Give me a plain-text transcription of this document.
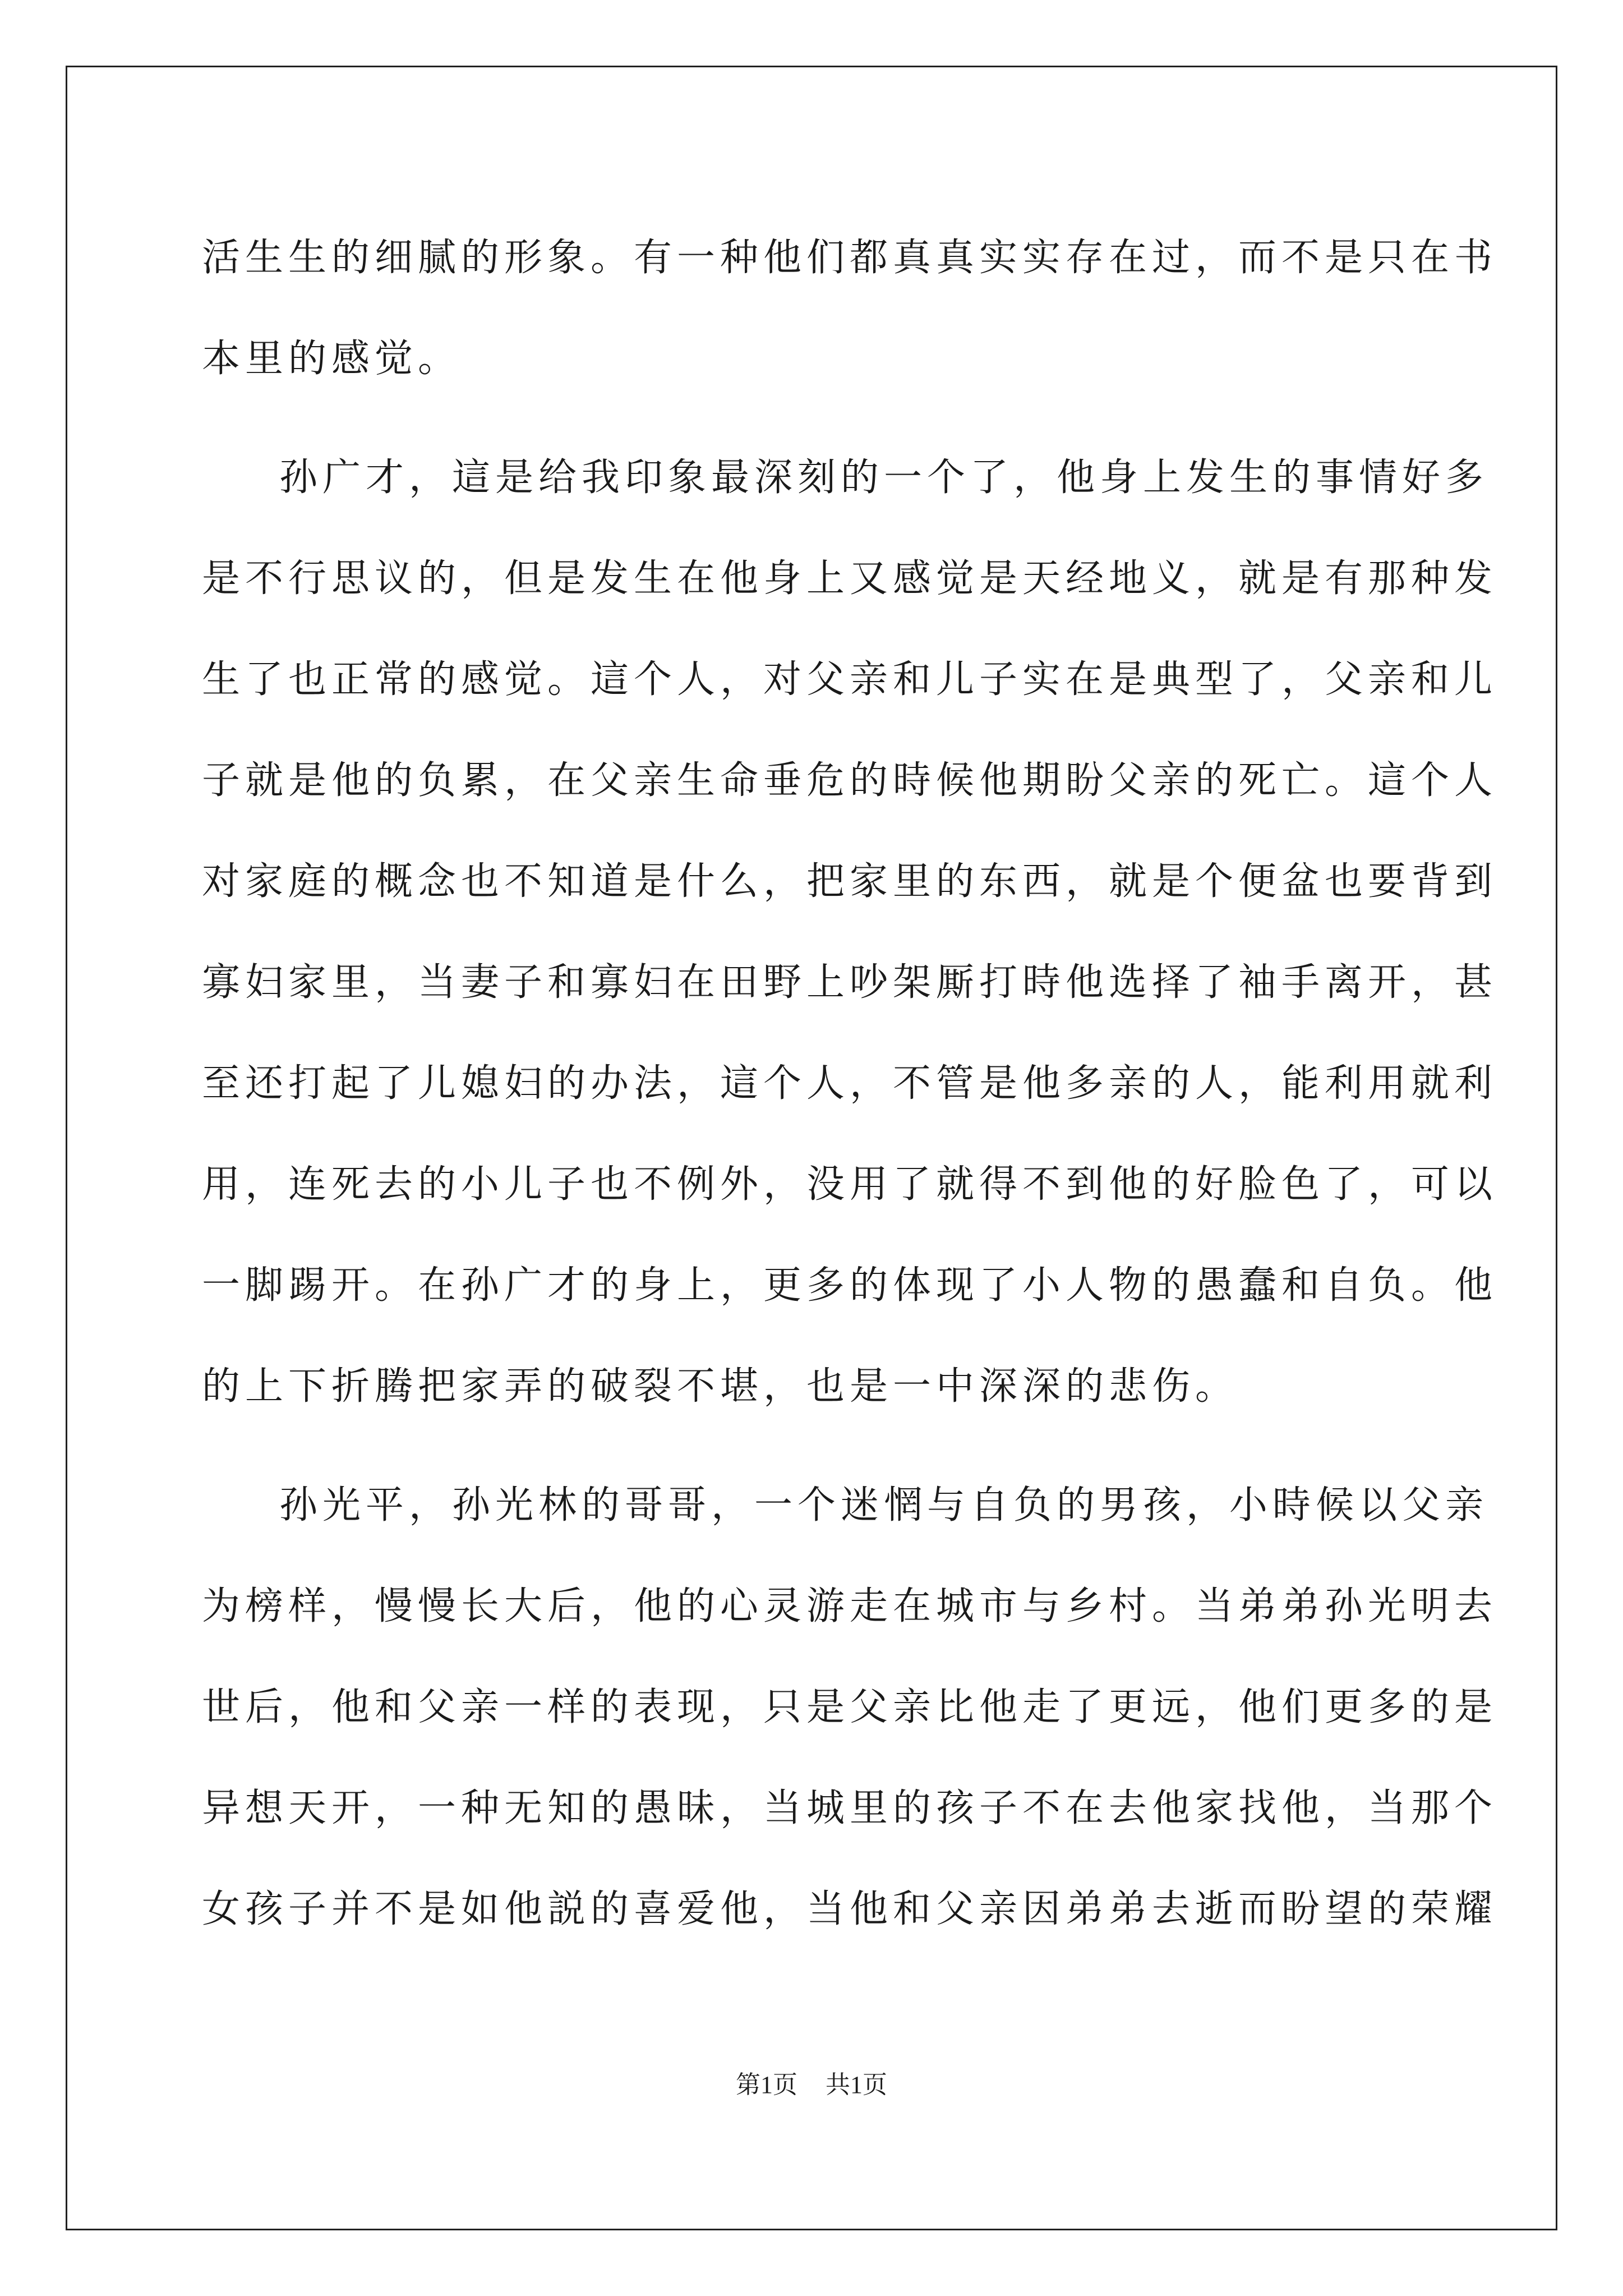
活生生的细腻的形象。有一种他们都真真实实存在过，而不是只在书
本里的感觉。
孙广才，這是给我印象最深刻的一个了，他身上发生的事情好多
是不行思议的，但是发生在他身上又感觉是天经地义，就是有那种发
生了也正常的感觉。這个人，对父亲和儿子实在是典型了，父亲和儿
子就是他的负累，在父亲生命垂危的時候他期盼父亲的死亡。這个人
对家庭的概念也不知道是什么，把家里的东西，就是个便盆也要背到
寡妇家里，当妻子和寡妇在田野上吵架厮打時他选择了袖手离开，甚
至还打起了儿媳妇的办法，這个人，不管是他多亲的人，能利用就利
用，连死去的小儿子也不例外，没用了就得不到他的好脸色了，可以
一脚踢开。在孙广才的身上，更多的体现了小人物的愚蠢和自负。他
的上下折腾把家弄的破裂不堪，也是一中深深的悲伤。
孙光平，孙光林的哥哥，一个迷惘与自负的男孩，小時候以父亲
为榜样，慢慢长大后，他的心灵游走在城市与乡村。当弟弟孙光明去
世后，他和父亲一样的表现，只是父亲比他走了更远，他们更多的是
异想天开，一种无知的愚昧，当城里的孩子不在去他家找他，当那个
女孩子并不是如他説的喜爱他，当他和父亲因弟弟去逝而盼望的荣耀
第1页 共1页
